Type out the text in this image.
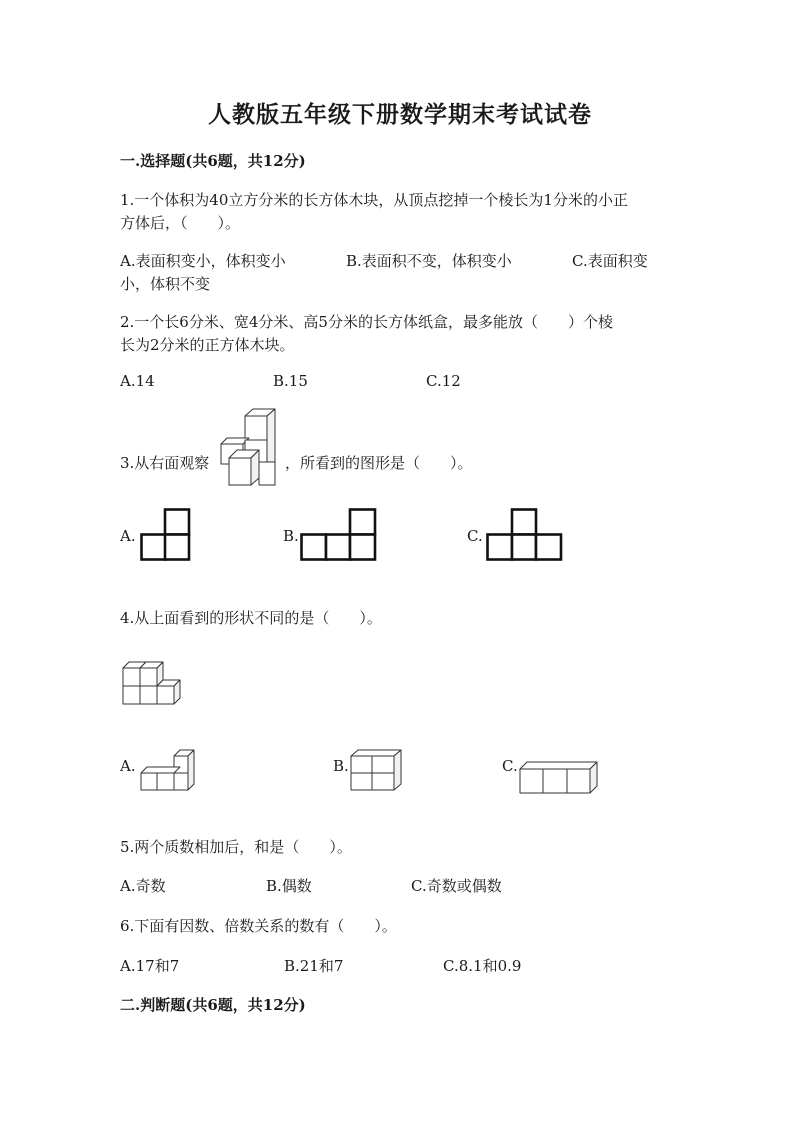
人教版五年级下册数学期末考试试卷
一.选择题(共6题，共12分)
1.一个体积为40立方分米的长方体木块，从顶点挖掉一个棱长为1分米的小正
方体后，（　　）。
A.表面积变小，体积变小	B.表面积不变，体积变小	C.表面积变
小，体积不变
2.一个长6分米、宽4分米、高5分米的长方体纸盒，最多能放（　　）个棱
长为2分米的正方体木块。
A.14	B.15	C.12
3.从右面观察	，所看到的图形是（　　）。
A.	B.	C.
4.从上面看到的形状不同的是（　　）。
A.	B.	C.
5.两个质数相加后，和是（　　）。
A.奇数	B.偶数	C.奇数或偶数
6.下面有因数、倍数关系的数有（　　）。
A.17和7	B.21和7	C.8.1和0.9
二.判断题(共6题，共12分)
